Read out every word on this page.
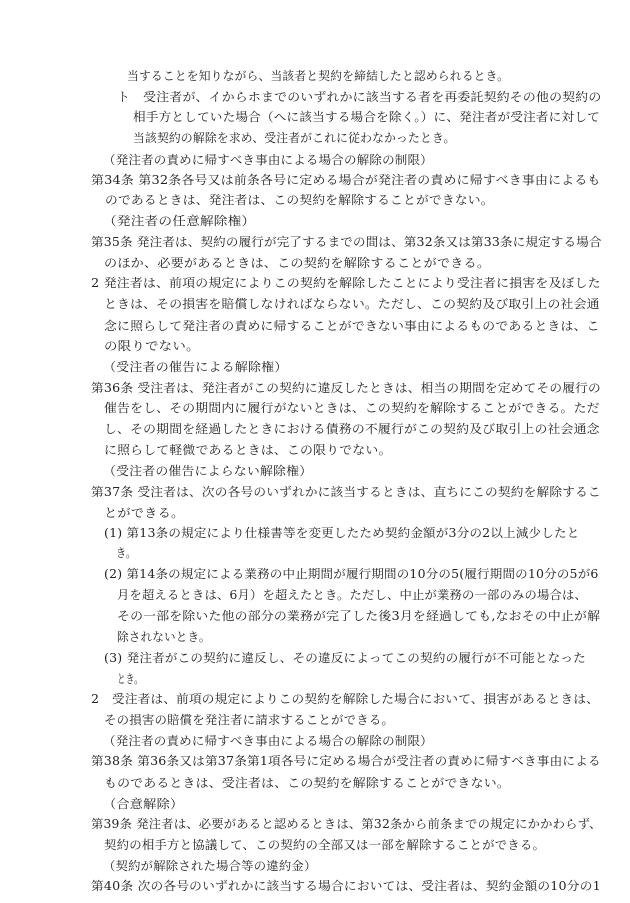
当することを知りながら、当該者と契約を締結したと認められるとき。
ト　受注者が、イからホまでのいずれかに該当する者を再委託契約その他の契約の
相手方としていた場合（へに該当する場合を除く。）に、発注者が受注者に対して
当該契約の解除を求め、受注者がこれに従わなかったとき。
（発注者の責めに帰すべき事由による場合の解除の制限）
第34条 第32条各号又は前条各号に定める場合が発注者の責めに帰すべき事由によるも
のであるときは、発注者は、この契約を解除することができない。
（発注者の任意解除権）
第35条 発注者は、契約の履行が完了するまでの間は、第32条又は第33条に規定する場合
のほか、必要があるときは、この契約を解除することができる。
2 発注者は、前項の規定によりこの契約を解除したことにより受注者に損害を及ぼした
ときは、その損害を賠償しなければならない。ただし、この契約及び取引上の社会通
念に照らして発注者の責めに帰することができない事由によるものであるときは、こ
の限りでない。
（受注者の催告による解除権）
第36条 受注者は、発注者がこの契約に違反したときは、相当の期間を定めてその履行の
催告をし、その期間内に履行がないときは、この契約を解除することができる。ただ
し、その期間を経過したときにおける債務の不履行がこの契約及び取引上の社会通念
に照らして軽微であるときは、この限りでない。
（受注者の催告によらない解除権）
第37条 受注者は、次の各号のいずれかに該当するときは、直ちにこの契約を解除するこ
とができる。
(1) 第13条の規定により仕様書等を変更したため契約金額が3分の2以上減少したと
き。
(2) 第14条の規定による業務の中止期間が履行期間の10分の5(履行期間の10分の5が6
月を超えるときは、6月）を超えたとき。ただし、中止が業務の一部のみの場合は、
その一部を除いた他の部分の業務が完了した後3月を経過しても,なおその中止が解
除されないとき。
(3) 発注者がこの契約に違反し、その違反によってこの契約の履行が不可能となった
とき。
2　受注者は、前項の規定によりこの契約を解除した場合において、損害があるときは、
その損害の賠償を発注者に請求することができる。
（発注者の責めに帰すべき事由による場合の解除の制限）
第38条 第36条又は第37条第1項各号に定める場合が受注者の責めに帰すべき事由による
ものであるときは、受注者は、この契約を解除することができない。
（合意解除）
第39条 発注者は、必要があると認めるときは、第32条から前条までの規定にかかわらず、
契約の相手方と協議して、この契約の全部又は一部を解除することができる。
（契約が解除された場合等の違約金）
第40条 次の各号のいずれかに該当する場合においては、受注者は、契約金額の10分の1
